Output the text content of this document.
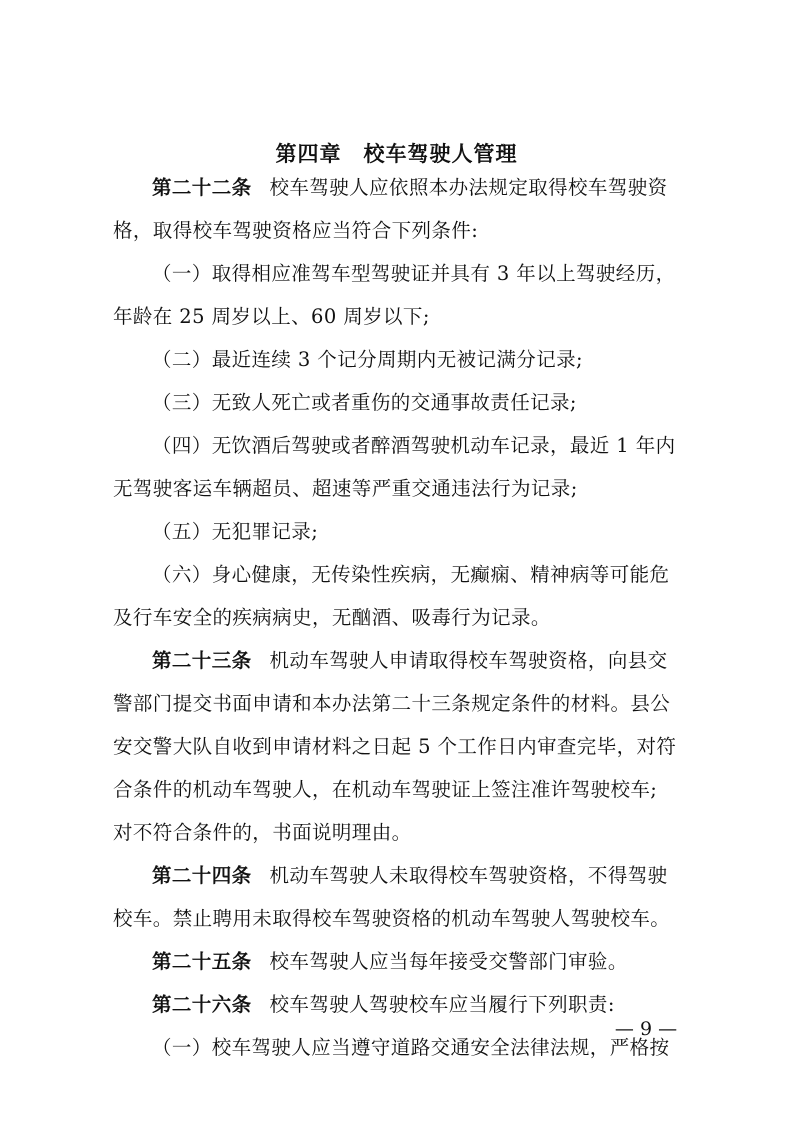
第四章　校车驾驶人管理
第二十二条 校车驾驶人应依照本办法规定取得校车驾驶资
格，取得校车驾驶资格应当符合下列条件:
（一）取得相应准驾车型驾驶证并具有 3 年以上驾驶经历，
年龄在 25 周岁以上、60 周岁以下;
（二）最近连续 3 个记分周期内无被记满分记录;
（三）无致人死亡或者重伤的交通事故责任记录;
（四）无饮酒后驾驶或者醉酒驾驶机动车记录，最近 1 年内
无驾驶客运车辆超员、超速等严重交通违法行为记录;
（五）无犯罪记录;
（六）身心健康，无传染性疾病，无癫痫、精神病等可能危
及行车安全的疾病病史，无酗酒、吸毒行为记录。
第二十三条 机动车驾驶人申请取得校车驾驶资格，向县交
警部门提交书面申请和本办法第二十三条规定条件的材料。县公
安交警大队自收到申请材料之日起 5 个工作日内审查完毕，对符
合条件的机动车驾驶人，在机动车驾驶证上签注准许驾驶校车;
对不符合条件的，书面说明理由。
第二十四条 机动车驾驶人未取得校车驾驶资格，不得驾驶
校车。禁止聘用未取得校车驾驶资格的机动车驾驶人驾驶校车。
第二十五条 校车驾驶人应当每年接受交警部门审验。
第二十六条 校车驾驶人驾驶校车应当履行下列职责:
（一）校车驾驶人应当遵守道路交通安全法律法规，严格按
— 9 —
